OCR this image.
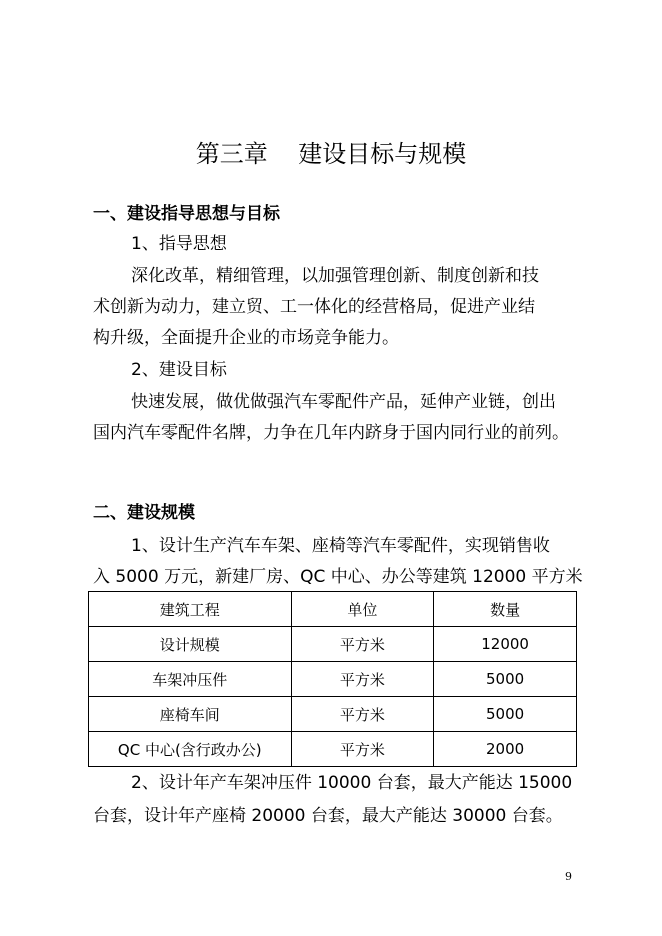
第三章    建设目标与规模
一、建设指导思想与目标
1、指导思想
深化改革，精细管理，以加强管理创新、制度创新和技
术创新为动力，建立贸、工一体化的经营格局，促进产业结
构升级，全面提升企业的市场竞争能力。
2、建设目标
快速发展，做优做强汽车零配件产品，延伸产业链，创出
国内汽车零配件名牌，力争在几年内跻身于国内同行业的前列。
二、建设规模
1、设计生产汽车车架、座椅等汽车零配件，实现销售收
入 5000 万元，新建厂房、QC 中心、办公等建筑 12000 平方米
建筑工程	单位	数量
设计规模	平方米	12000
车架冲压件	平方米	5000
座椅车间	平方米	5000
QC 中心(含行政办公)	平方米	2000
2、设计年产车架冲压件 10000 台套，最大产能达 15000
台套，设计年产座椅 20000 台套，最大产能达 30000 台套。
9
